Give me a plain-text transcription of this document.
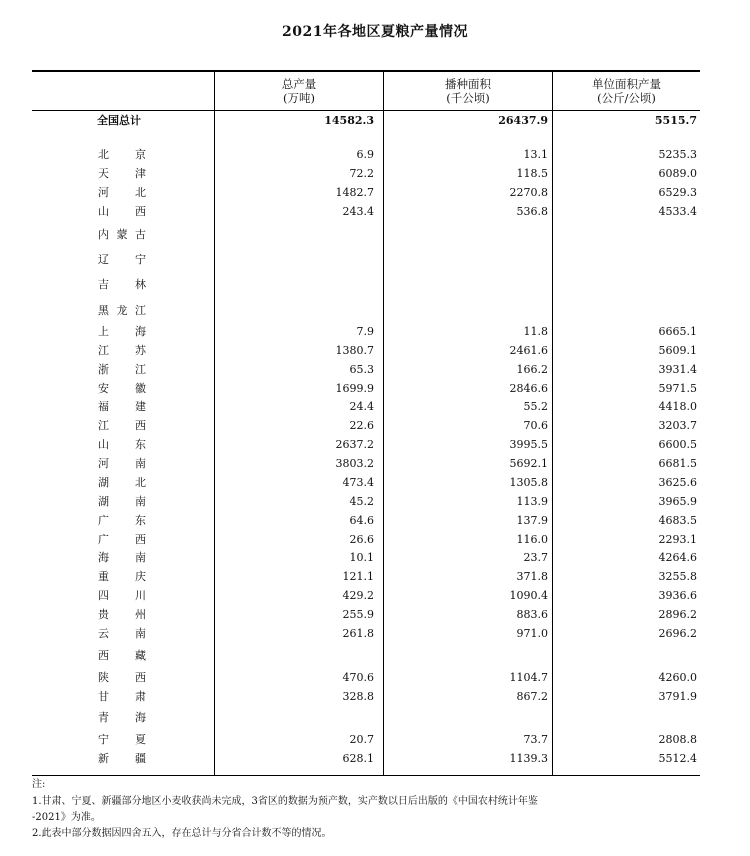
2021年各地区夏粮产量情况
总产量
(万吨)
播种面积
(千公顷)
单位面积产量
(公斤/公顷)
全国总计	14582.3	26437.9	5515.7
北 京	6.9	13.1	5235.3
天 津	72.2	118.5	6089.0
河 北	1482.7	2270.8	6529.3
山 西	243.4	536.8	4533.4
内 蒙 古
辽 宁
吉 林
黑 龙 江
上 海	7.9	11.8	6665.1
江 苏	1380.7	2461.6	5609.1
浙 江	65.3	166.2	3931.4
安 徽	1699.9	2846.6	5971.5
福 建	24.4	55.2	4418.0
江 西	22.6	70.6	3203.7
山 东	2637.2	3995.5	6600.5
河 南	3803.2	5692.1	6681.5
湖 北	473.4	1305.8	3625.6
湖 南	45.2	113.9	3965.9
广 东	64.6	137.9	4683.5
广 西	26.6	116.0	2293.1
海 南	10.1	23.7	4264.6
重 庆	121.1	371.8	3255.8
四 川	429.2	1090.4	3936.6
贵 州	255.9	883.6	2896.2
云 南	261.8	971.0	2696.2
西 藏
陕 西	470.6	1104.7	4260.0
甘 肃	328.8	867.2	3791.9
青 海
宁 夏	20.7	73.7	2808.8
新 疆	628.1	1139.3	5512.4
注:
1.甘肃、宁夏、新疆部分地区小麦收获尚未完成，3省区的数据为预产数，实产数以日后出版的《中国农村统计年鉴
-2021》为准。
2.此表中部分数据因四舍五入，存在总计与分省合计数不等的情况。
